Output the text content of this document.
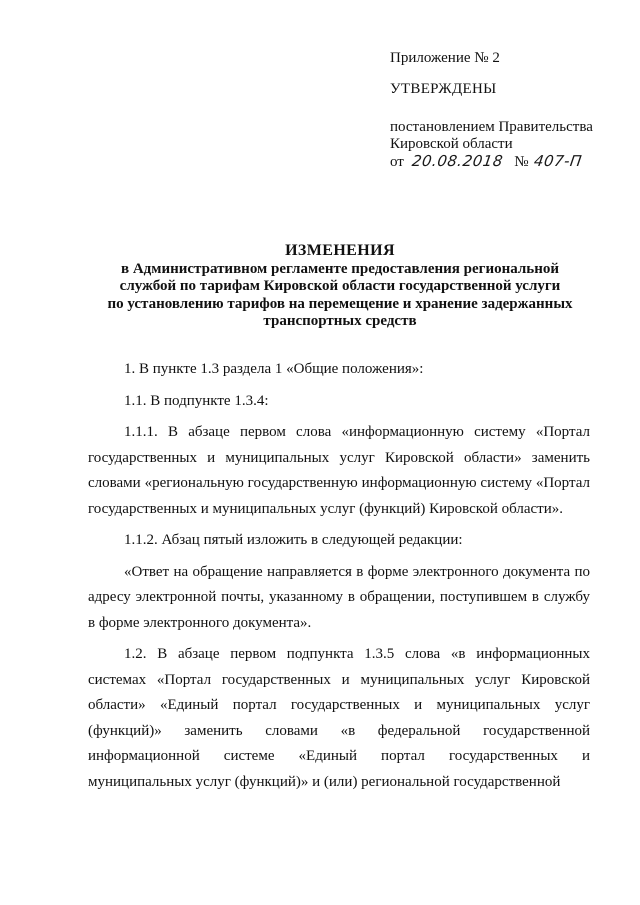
Приложение № 2

УТВЕРЖДЕНЫ

постановлением Правительства

Кировской области

от 20.08.2018 № 407-П

ИЗМЕНЕНИЯ
в Административном регламенте предоставления региональной
службой по тарифам Кировской области государственной услуги
по установлению тарифов на перемещение и хранение задержанных
транспортных средств

1. В пункте 1.3 раздела 1 «Общие положения»:

1.1. В подпункте 1.3.4:

1.1.1. В абзаце первом слова «информационную систему «Портал государственных и муниципальных услуг Кировской области» заменить словами «региональную государственную информационную систему «Портал государственных и муниципальных услуг (функций) Кировской области».

1.1.2. Абзац пятый изложить в следующей редакции:

«Ответ на обращение направляется в форме электронного документа по адресу электронной почты, указанному в обращении, поступившем в службу в форме электронного документа».

1.2. В абзаце первом подпункта 1.3.5 слова «в информационных системах «Портал государственных и муниципальных услуг Кировской области» «Единый портал государственных и муниципальных услуг (функций)» заменить словами «в федеральной государственной информационной системе «Единый портал государственных и муниципальных услуг (функций)» и (или) региональной государственной
